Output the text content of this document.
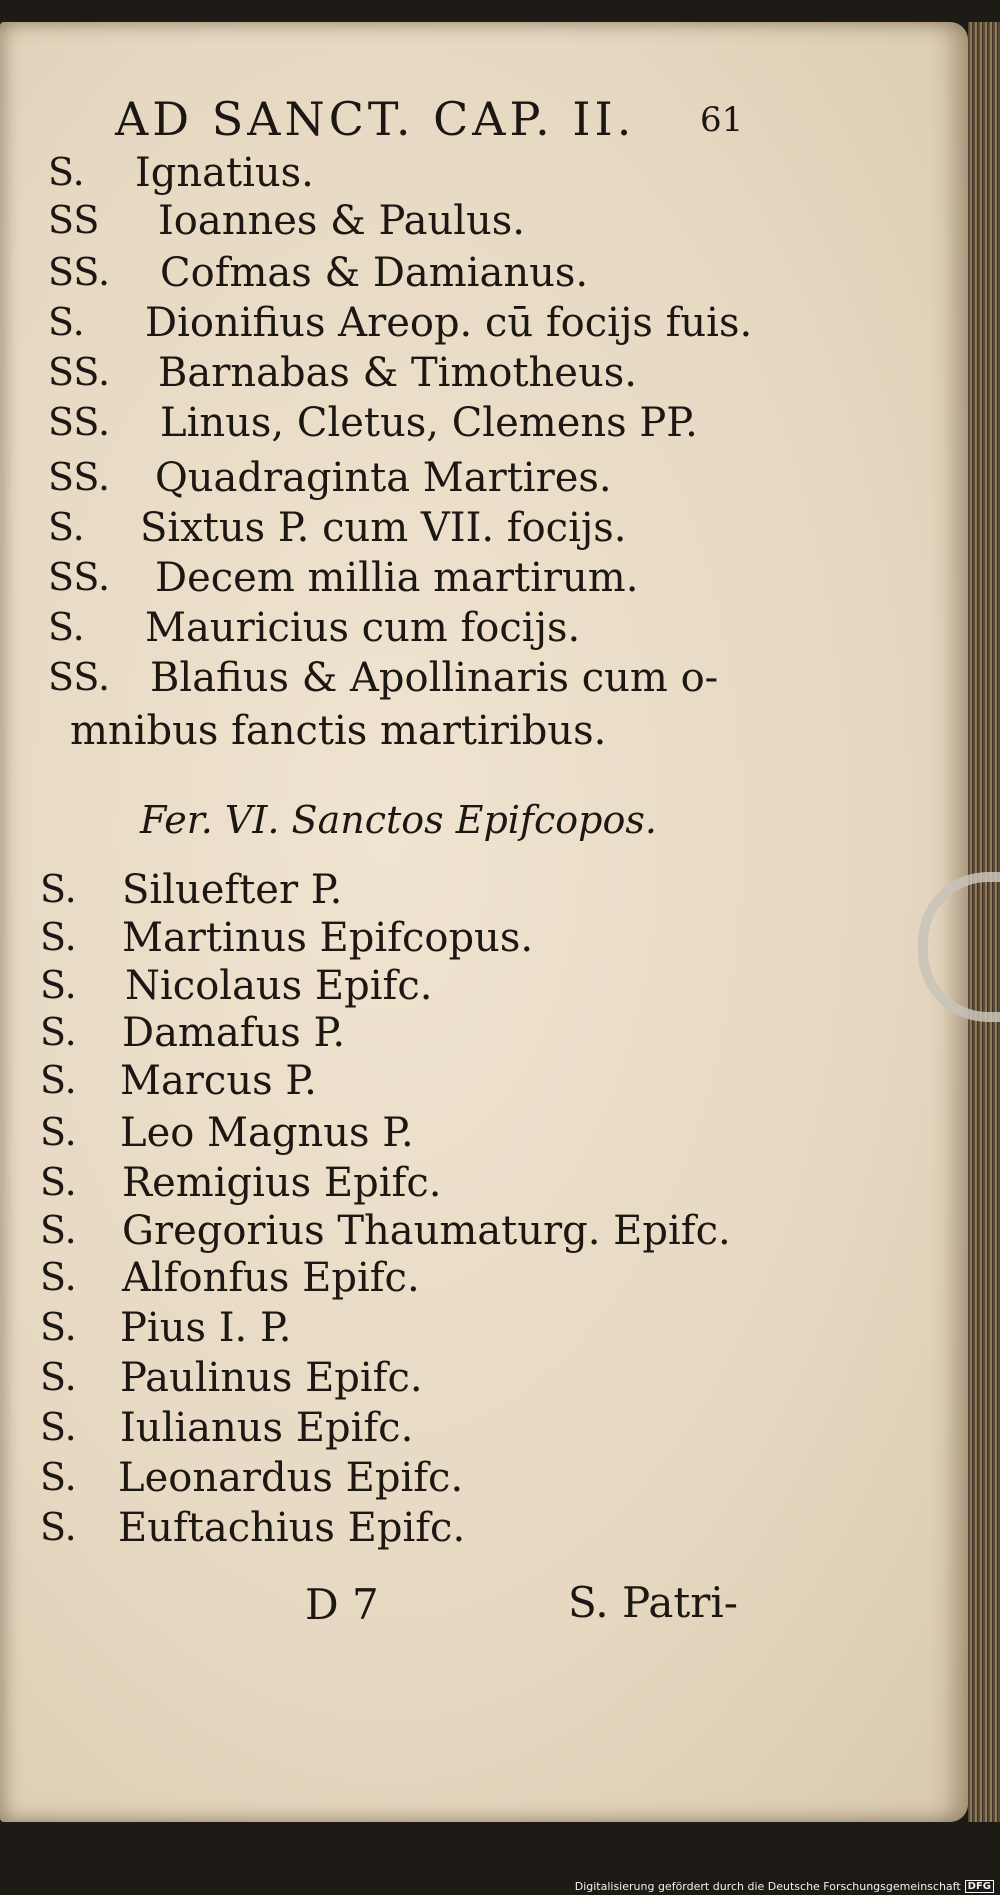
AD SANCT. CAP. II. 61
S. Ignatius.
SS Ioannes & Paulus.
SS. Cofmas & Damianus.
S. Dionifius Areop. cū focijs fuis.
SS. Barnabas & Timotheus.
SS. Linus, Cletus, Clemens PP.
SS. Quadraginta Martires.
S. Sixtus P. cum VII. focijs.
SS. Decem millia martirum.
S. Mauricius cum focijs.
SS. Blafius & Apollinaris cum o-
mnibus fanctis martiribus.
Fer. VI. Sanctos Epifcopos.
S. Siluefter P.
S. Martinus Epifcopus.
S. Nicolaus Epifc.
S. Damafus P.
S. Marcus P.
S. Leo Magnus P.
S. Remigius Epifc.
S. Gregorius Thaumaturg. Epifc.
S. Alfonfus Epifc.
S. Pius I. P.
S. Paulinus Epifc.
S. Iulianus Epifc.
S. Leonardus Epifc.
S. Euftachius Epifc.
D 7	S. Patri-
Digitalisierung gefördert durch die Deutsche Forschungsgemeinschaft DFG
